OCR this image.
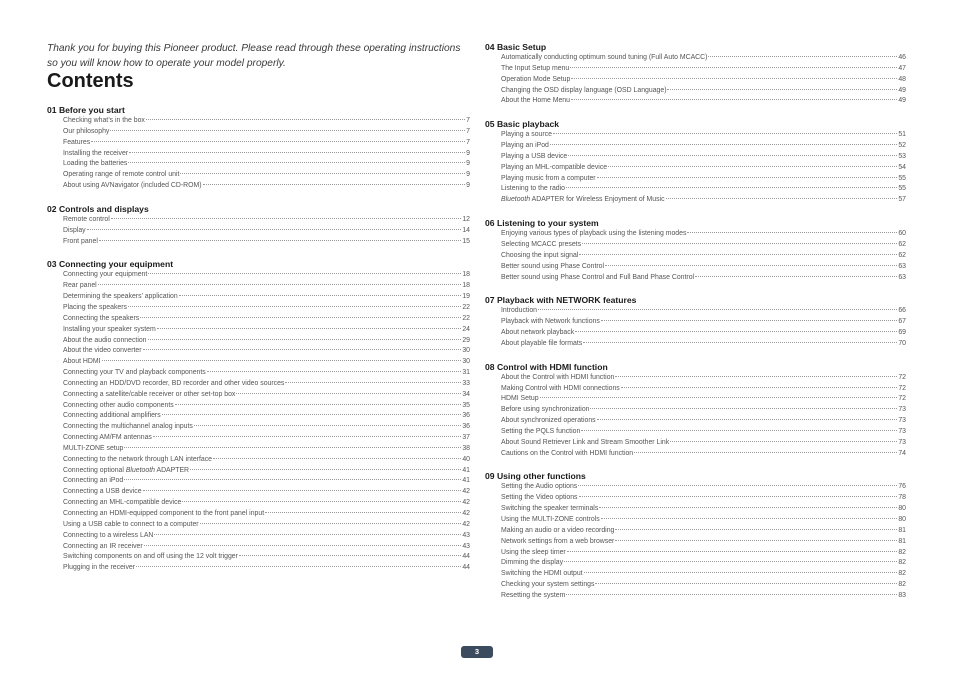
Thank you for buying this Pioneer product. Please read through these operating instructions so you will know how to operate your model properly.
Contents
01 Before you start
Checking what’s in the box	7
Our philosophy	7
Features	7
Installing the receiver	9
Loading the batteries	9
Operating range of remote control unit	9
About using AVNavigator (included CD-ROM)	9
02 Controls and displays
Remote control	12
Display	14
Front panel	15
03 Connecting your equipment
Connecting your equipment	18
Rear panel	18
Determining the speakers’ application	19
Placing the speakers	22
Connecting the speakers	22
Installing your speaker system	24
About the audio connection	29
About the video converter	30
About HDMI	30
Connecting your TV and playback components	31
Connecting an HDD/DVD recorder, BD recorder and other video sources	33
Connecting a satellite/cable receiver or other set-top box	34
Connecting other audio components	35
Connecting additional amplifiers	36
Connecting the multichannel analog inputs	36
Connecting AM/FM antennas	37
MULTI-ZONE setup	38
Connecting to the network through LAN interface	40
Connecting optional Bluetooth ADAPTER	41
Connecting an iPod	41
Connecting a USB device	42
Connecting an MHL-compatible device	42
Connecting an HDMI-equipped component to the front panel input	42
Using a USB cable to connect to a computer	42
Connecting to a wireless LAN	43
Connecting an IR receiver	43
Switching components on and off using the 12 volt trigger	44
Plugging in the receiver	44
04 Basic Setup
Automatically conducting optimum sound tuning (Full Auto MCACC)	46
The Input Setup menu	47
Operation Mode Setup	48
Changing the OSD display language (OSD Language)	49
About the Home Menu	49
05 Basic playback
Playing a source	51
Playing an iPod	52
Playing a USB device	53
Playing an MHL-compatible device	54
Playing music from a computer	55
Listening to the radio	55
Bluetooth ADAPTER for Wireless Enjoyment of Music	57
06 Listening to your system
Enjoying various types of playback using the listening modes	60
Selecting MCACC presets	62
Choosing the input signal	62
Better sound using Phase Control	63
Better sound using Phase Control and Full Band Phase Control	63
07 Playback with NETWORK features
Introduction	66
Playback with Network functions	67
About network playback	69
About playable file formats	70
08 Control with HDMI function
About the Control with HDMI function	72
Making Control with HDMI connections	72
HDMI Setup	72
Before using synchronization	73
About synchronized operations	73
Setting the PQLS function	73
About Sound Retriever Link and Stream Smoother Link	73
Cautions on the Control with HDMI function	74
09 Using other functions
Setting the Audio options	76
Setting the Video options	78
Switching the speaker terminals	80
Using the MULTI-ZONE controls	80
Making an audio or a video recording	81
Network settings from a web browser	81
Using the sleep timer	82
Dimming the display	82
Switching the HDMI output	82
Checking your system settings	82
Resetting the system	83
3
